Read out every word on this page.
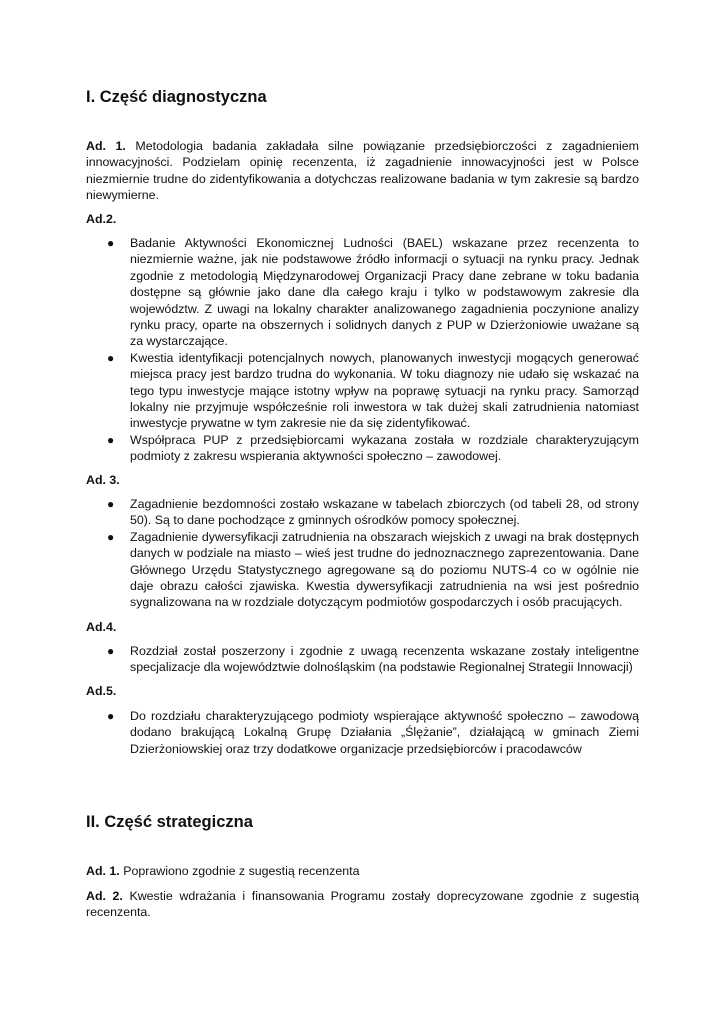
I. Część diagnostyczna

Ad. 1. Metodologia badania zakładała silne powiązanie przedsiębiorczości z zagadnieniem innowacyjności. Podzielam opinię recenzenta, iż zagadnienie innowacyjności jest w Polsce niezmiernie trudne do zidentyfikowania a dotychczas realizowane badania w tym zakresie są bardzo niewymierne.

Ad.2.

● Badanie Aktywności Ekonomicznej Ludności (BAEL) wskazane przez recenzenta to niezmiernie ważne, jak nie podstawowe źródło informacji o sytuacji na rynku pracy. Jednak zgodnie z metodologią Międzynarodowej Organizacji Pracy dane zebrane w toku badania dostępne są głównie jako dane dla całego kraju i tylko w podstawowym zakresie dla województw. Z uwagi na lokalny charakter analizowanego zagadnienia poczynione analizy rynku pracy, oparte na obszernych i solidnych danych z PUP w Dzierżoniowie uważane są za wystarczające.
● Kwestia identyfikacji potencjalnych nowych, planowanych inwestycji mogących generować miejsca pracy jest bardzo trudna do wykonania. W toku diagnozy nie udało się wskazać na tego typu inwestycje mające istotny wpływ na poprawę sytuacji na rynku pracy. Samorząd lokalny nie przyjmuje współcześnie roli inwestora w tak dużej skali zatrudnienia natomiast inwestycje prywatne w tym zakresie nie da się zidentyfikować.
● Współpraca PUP z przedsiębiorcami wykazana została w rozdziale charakteryzującym podmioty z zakresu wspierania aktywności społeczno – zawodowej.

Ad. 3.

● Zagadnienie bezdomności zostało wskazane w tabelach zbiorczych (od tabeli 28, od strony 50). Są to dane pochodzące z gminnych ośrodków pomocy społecznej.
● Zagadnienie dywersyfikacji zatrudnienia na obszarach wiejskich z uwagi na brak dostępnych danych w podziale na miasto – wieś jest trudne do jednoznacznego zaprezentowania. Dane Głównego Urzędu Statystycznego agregowane są do poziomu NUTS-4 co w ogólnie nie daje obrazu całości zjawiska. Kwestia dywersyfikacji zatrudnienia na wsi jest pośrednio sygnalizowana na w rozdziale dotyczącym podmiotów gospodarczych i osób pracujących.

Ad.4.

● Rozdział został poszerzony i zgodnie z uwagą recenzenta wskazane zostały inteligentne specjalizacje dla województwie dolnośląskim (na podstawie Regionalnej Strategii Innowacji)

Ad.5.

● Do rozdziału charakteryzującego podmioty wspierające aktywność społeczno – zawodową dodano brakującą Lokalną Grupę Działania „Ślężanie”, działającą w gminach Ziemi Dzierżoniowskiej oraz trzy dodatkowe organizacje przedsiębiorców i pracodawców
II. Część strategiczna

Ad. 1. Poprawiono zgodnie z sugestią recenzenta

Ad. 2. Kwestie wdrażania i finansowania Programu zostały doprecyzowane zgodnie z sugestią recenzenta.
